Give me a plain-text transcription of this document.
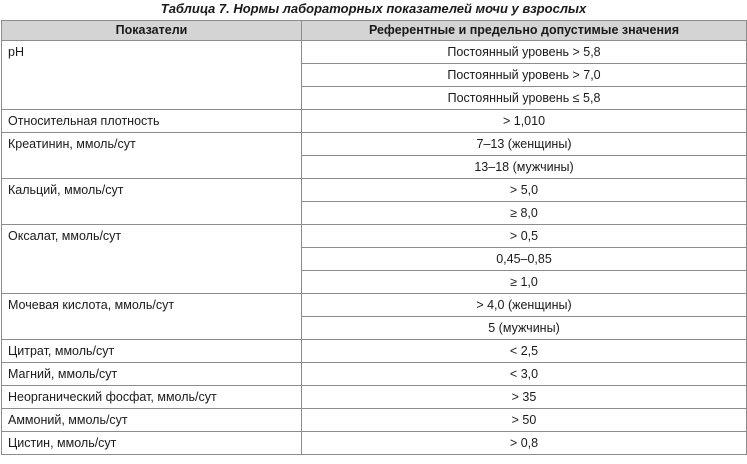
Таблица 7. Нормы лабораторных показателей мочи у взрослых
Показатели	Референтные и предельно допустимые значения
pH	Постоянный уровень > 5,8
	Постоянный уровень > 7,0
	Постоянный уровень ≤ 5,8
Относительная плотность	> 1,010
Креатинин, ммоль/сут	7–13 (женщины)
	13–18 (мужчины)
Кальций, ммоль/сут	> 5,0
	≥ 8,0
Оксалат, ммоль/сут	> 0,5
	0,45–0,85
	≥ 1,0
Мочевая кислота, ммоль/сут	> 4,0 (женщины)
	5 (мужчины)
Цитрат, ммоль/сут	< 2,5
Магний, ммоль/сут	< 3,0
Неорганический фосфат, ммоль/сут	> 35
Аммоний, ммоль/сут	> 50
Цистин, ммоль/сут	> 0,8
